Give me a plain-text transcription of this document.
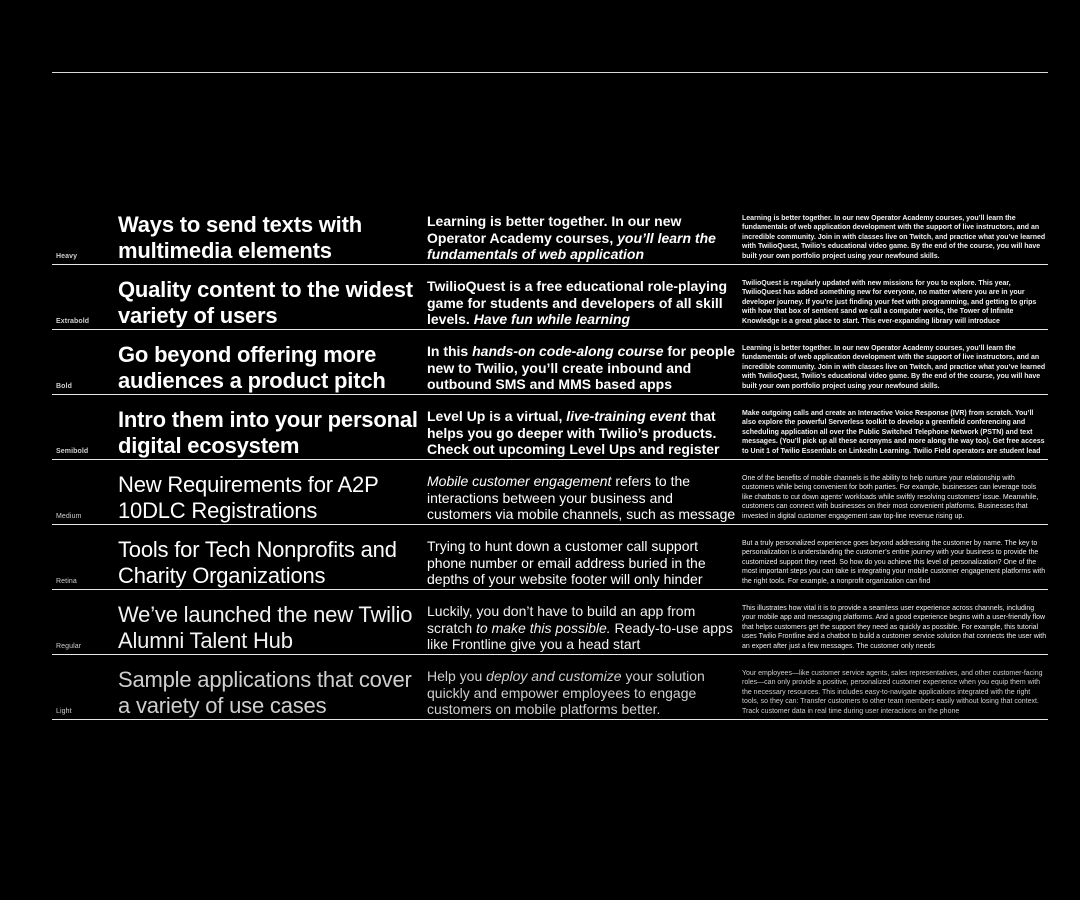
Heavy
Ways to send texts with multimedia elements
Learning is better together. In our new Operator Academy courses, you’ll learn the fundamentals of web application
Learning is better together. In our new Operator Academy courses, you’ll learn the fundamentals of web application development with the support of live instructors, and an incredible community. Join in with classes live on Twitch, and practice what you’ve learned with TwilioQuest, Twilio’s educational video game. By the end of the course, you will have built your own portfolio project using your newfound skills.
Extrabold
Quality content to the widest variety of users
TwilioQuest is a free educational role-playing game for students and developers of all skill levels. Have fun while learning
TwilioQuest is regularly updated with new missions for you to explore. This year, TwilioQuest has added something new for everyone, no matter where you are in your developer journey. If you’re just finding your feet with programming, and getting to grips with how that box of sentient sand we call a computer works, the Tower of Infinite Knowledge is a great place to start. This ever-expanding library will introduce
Bold
Go beyond offering more audiences a product pitch
In this hands-on code-along course for people new to Twilio, you’ll create inbound and outbound SMS and MMS based apps
Learning is better together. In our new Operator Academy courses, you’ll learn the fundamentals of web application development with the support of live instructors, and an incredible community. Join in with classes live on Twitch, and practice what you’ve learned with TwilioQuest, Twilio’s educational video game. By the end of the course, you will have built your own portfolio project using your newfound skills.
Semibold
Intro them into your personal digital ecosystem
Level Up is a virtual, live-training event that helps you go deeper with Twilio’s products. Check out upcoming Level Ups and register
Make outgoing calls and create an Interactive Voice Response (IVR) from scratch. You’ll also explore the powerful Serverless toolkit to develop a greenfield conferencing and scheduling application all over the Public Switched Telephone Network (PSTN) and text messages. (You’ll pick up all these acronyms and more along the way too). Get free access to Unit 1 of Twilio Essentials on LinkedIn Learning. Twilio Field operators are student lead
Medium
New Requirements for A2P 10DLC Registrations
Mobile customer engagement refers to the interactions between your business and customers via mobile channels, such as message
One of the benefits of mobile channels is the ability to help nurture your relationship with customers while being convenient for both parties. For example, businesses can leverage tools like chatbots to cut down agents’ workloads while swiftly resolving customers’ issue. Meanwhile, customers can connect with businesses on their most convenient platforms. Businesses that invested in digital customer engagement saw top-line revenue rising up.
Retina
Tools for Tech Nonprofits and Charity Organizations
Trying to hunt down a customer call support phone number or email address buried in the depths of your website footer will only hinder
But a truly personalized experience goes beyond addressing the customer by name. The key to personalization is understanding the customer’s entire journey with your business to provide the customized support they need. So how do you achieve this level of personalization? One of the most important steps you can take is integrating your mobile customer engagement platforms with the right tools. For example, a nonprofit organization can find
Regular
We’ve launched the new Twilio Alumni Talent Hub
Luckily, you don’t have to build an app from scratch to make this possible. Ready-to-use apps like Frontline give you a head start
This illustrates how vital it is to provide a seamless user experience across channels, including your mobile app and messaging platforms. And a good experience begins with a user-friendly flow that helps customers get the support they need as quickly as possible. For example, this tutorial uses Twilio Frontline and a chatbot to build a customer service solution that connects the user with an expert after just a few messages. The customer only needs
Light
Sample applications that cover a variety of use cases
Help you deploy and customize your solution quickly and empower employees to engage customers on mobile platforms better.
Your employees—like customer service agents, sales representatives, and other customer-facing roles—can only provide a positive, personalized customer experience when you equip them with the necessary resources. This includes easy-to-navigate applications integrated with the right tools, so they can: Transfer customers to other team members easily without losing that context. Track customer data in real time during user interactions on the phone
